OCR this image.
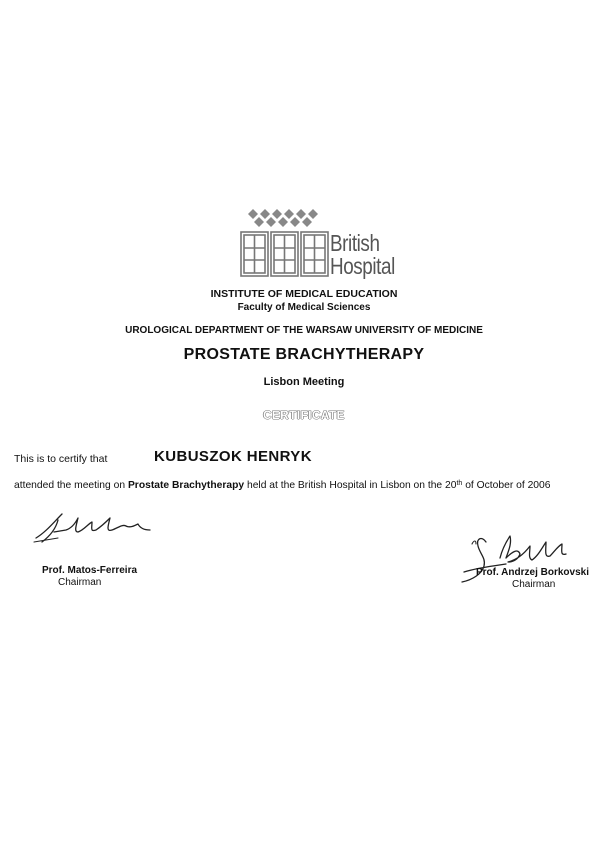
British
Hospital
INSTITUTE OF MEDICAL EDUCATION
Faculty of Medical Sciences
UROLOGICAL DEPARTMENT OF THE WARSAW UNIVERSITY OF MEDICINE
PROSTATE BRACHYTHERAPY
Lisbon Meeting
CERTIFICATE
This is to certify that	KUBUSZOK HENRYK
attended the meeting on Prostate Brachytherapy held at the British Hospital in Lisbon on the 20th of October of 2006
Prof. Matos-Ferreira
Chairman
Prof. Andrzej Borkovski
Chairman
